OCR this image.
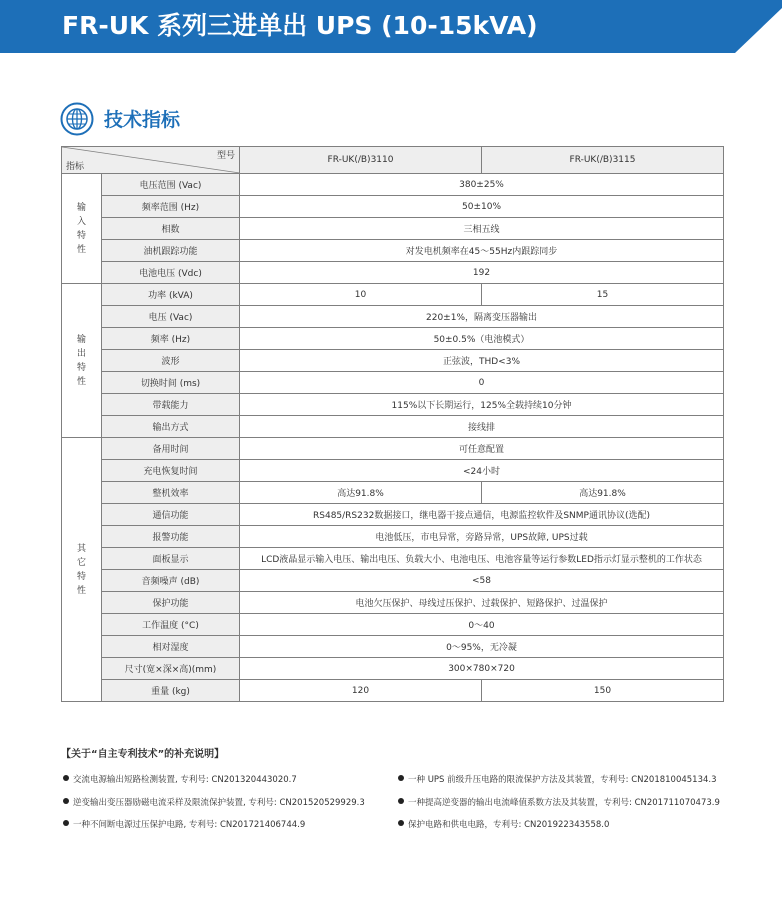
FR-UK 系列三进单出 UPS (10-15kVA)
技术指标
型号
指标		FR-UK(/B)3110	FR-UK(/B)3115
输入特性	电压范围 (Vac)	380±25%	
	频率范围 (Hz)	50±10%	
	相数	三相五线	
	油机跟踪功能	对发电机频率在45～55Hz内跟踪同步	
	电池电压 (Vdc)	192	
输出特性	功率 (kVA)	10	15
	电压 (Vac)	220±1%，隔离变压器输出	
	频率 (Hz)	50±0.5%（电池模式）	
	波形	正弦波，THD<3%	
	切换时间 (ms)	0	
	带载能力	115%以下长期运行，125%全载持续10分钟	
	输出方式	接线排	
其它特性	备用时间	可任意配置	
	充电恢复时间	<24小时	
	整机效率	高达91.8%	高达91.8%
	通信功能	RS485/RS232数据接口，继电器干接点通信，电源监控软件及SNMP通讯协议(选配)	
	报警功能	电池低压，市电异常，旁路异常，UPS故障, UPS过载	
	面板显示	LCD液晶显示输入电压、输出电压、负载大小、电池电压、电池容量等运行参数LED指示灯显示整机的工作状态	
	音频噪声 (dB)	<58	
	保护功能	电池欠压保护、母线过压保护、过载保护、短路保护、过温保护	
	工作温度 (°C)	0～40	
	相对湿度	0～95%，无冷凝	
	尺寸(宽×深×高)(mm)	300×780×720	
	重量 (kg)	120	150
【关于“自主专利技术”的补充说明】
交流电源输出短路检测装置, 专利号: CN201320443020.7
逆变输出变压器励磁电流采样及限流保护装置, 专利号: CN201520529929.3
一种不间断电源过压保护电路, 专利号: CN201721406744.9
一种 UPS 前级升压电路的限流保护方法及其装置，专利号: CN201810045134.3
一种提高逆变器的输出电流峰值系数方法及其装置，专利号: CN201711070473.9
保护电路和供电电路，专利号: CN201922343558.0
